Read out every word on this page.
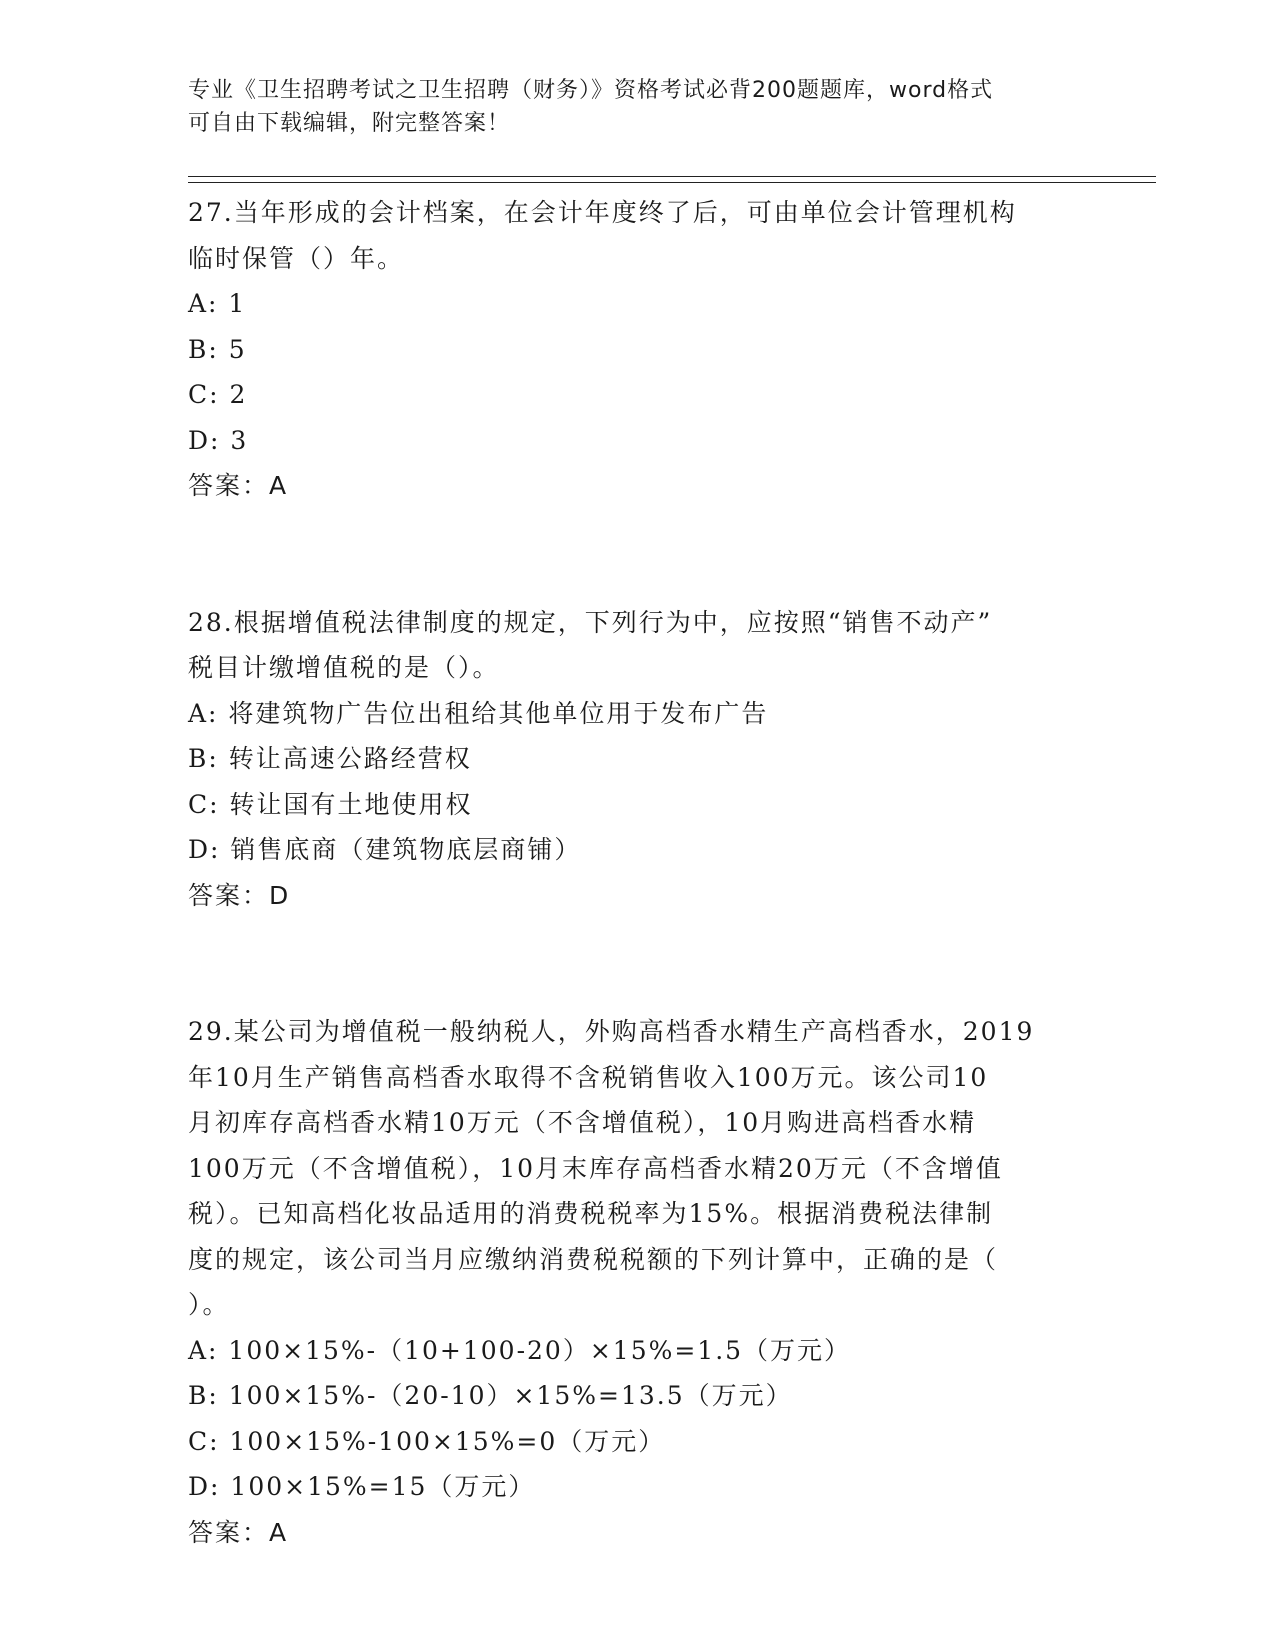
专业《卫生招聘考试之卫生招聘（财务）》资格考试必背200题题库，word格式

可自由下载编辑，附完整答案！

27.当年形成的会计档案，在会计年度终了后，可由单位会计管理机构
临时保管（）年。
A: 1
B: 5
C: 2
D: 3
答案：A
28.根据增值税法律制度的规定，下列行为中，应按照“销售不动产”
税目计缴增值税的是（）。
A: 将建筑物广告位出租给其他单位用于发布广告
B: 转让高速公路经营权
C: 转让国有土地使用权
D: 销售底商（建筑物底层商铺）
答案：D
29.某公司为增值税一般纳税人，外购高档香水精生产高档香水，2019
年10月生产销售高档香水取得不含税销售收入100万元。该公司10
月初库存高档香水精10万元（不含增值税），10月购进高档香水精
100万元（不含增值税），10月末库存高档香水精20万元（不含增值
税）。已知高档化妆品适用的消费税税率为15%。根据消费税法律制
度的规定，该公司当月应缴纳消费税税额的下列计算中，正确的是（
）。
A: 100×15%-（10+100-20）×15%=1.5（万元）
B: 100×15%-（20-10）×15%=13.5（万元）
C: 100×15%-100×15%=0（万元）
D: 100×15%=15（万元）
答案：A
